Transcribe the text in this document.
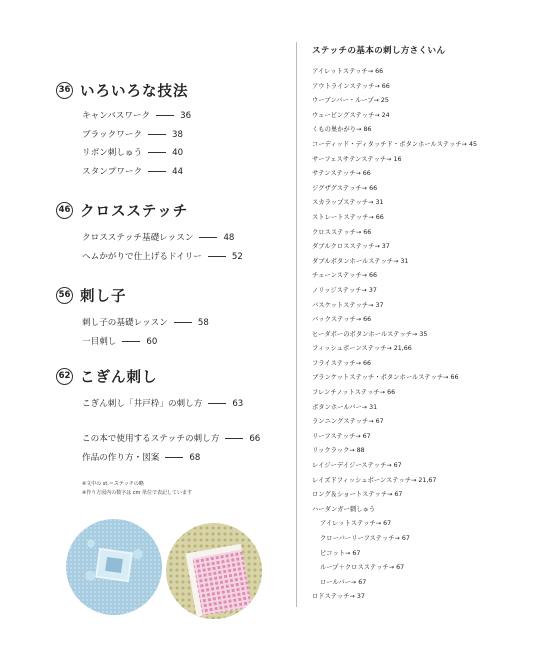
36 いろいろな技法
キャンバスワーク	36
ブラックワーク	38
リボン刺しゅう	40
スタンプワーク	44
46 クロスステッチ
クロスステッチ基礎レッスン	48
ヘムかがりで仕上げるドイリー	52
56 刺し子
刺し子の基礎レッスン	58
一目刺し	60
62 こぎん刺し
こぎん刺し「井戸枠」の刺し方	63
この本で使用するステッチの刺し方	66
作品の作り方・図案	68
※文中の st.＝ステッチの略
※作り方図内の数字は cm 単位で表記しています
ステッチの基本の刺し方さくいん
アイレットステッチ→ 66
アウトラインステッチ→ 66
ウーブンバー・ループ→ 25
ウェービングステッチ→ 24
くもの巣かがり→ 86
コーディッド・ディタッチド・ボタンホールステッチ→ 45
サーフェスサテンステッチ→ 16
サテンステッチ→ 66
ジグザグステッチ→ 66
スカラップステッチ→ 31
ストレートステッチ→ 66
クロスステッチ→ 66
ダブルクロスステッチ→ 37
ダブルボタンホールステッチ→ 31
チェーンステッチ→ 66
ノリッジステッチ→ 37
バスケットステッチ→ 37
バックステッチ→ 66
ヒーダボーのボタンホールステッチ→ 35
フィッシュボーンステッチ→ 21,66
フライステッチ→ 66
ブランケットステッチ・ボタンホールステッチ→ 66
フレンチノットステッチ→ 66
ボタンホールバー→ 31
ランニングステッチ→ 67
リーフステッチ→ 67
リックラック→ 88
レイジーデイジーステッチ→ 67
レイズドフィッシュボーンステッチ→ 21,67
ロング＆ショートステッチ→ 67
ハーダンガー刺しゅう
アイレットステッチ→ 67
クローバーリーフステッチ→ 67
ピコット→ 67
ループ＋クロスステッチ→ 67
ロールバー→ 67
ロドステッチ→ 37
